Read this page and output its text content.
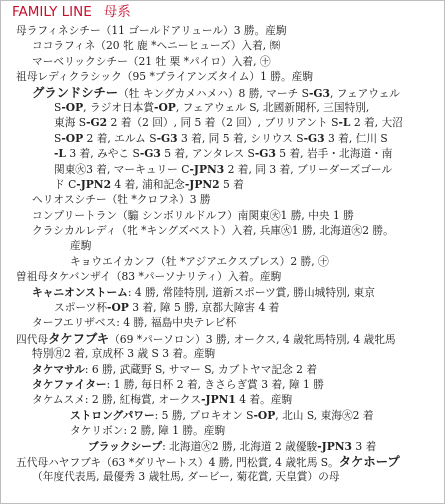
FAMILY LINE 母系
母ラフィネシチー（11 ゴールドアリュール）3 勝。産駒
ココラフィネ（20 牝 鹿 *ヘニーヒューズ）入着, ㉀
マーベリックシチー（21 牡 栗 *パイロ）入着, ㊉
祖母レディクラシック（95 *ブライアンズタイム）1 勝。産駒
グランドシチー（牡 キングカメハメハ）8 勝, マーチ S-G3, フェアウェル
S-OP, ラジオ日本賞-OP, フェアウェル S, 北國新聞杯, 三国特別,
東海 S-G2 2 着（2 回）, 同 5 着（2 回）, ブリリアント S-L 2 着, 大沼
S-OP 2 着, エルム S-G3 3 着, 同 5 着, シリウス S-G3 3 着, 仁川 S
-L 3 着, みやこ S-G3 5 着, アンタレス S-G3 5 着, 岩手・北海道・南
関東㊋3 着, マーキュリー C-JPN3 2 着, 同 3 着, ブリーダーズゴール
ド C-JPN2 4 着, 浦和記念-JPN2 5 着
ヘリオスシチー（牡 *クロフネ）3 勝
コンプリートラン（騸 シンボリルドルフ）南関東㊋1 勝, 中央 1 勝
クラシカルレディ（牝 *キングズベスト）入着, 兵庫㊋1 勝, 北海道㊋2 勝。
産駒
キョウエイカンフ（牡 *アジアエクスプレス）2 勝, ㊉
曽祖母タケバンザイ（83 *パーソナリティ）入着。産駒
キャニオンストーム: 4 勝, 常陸特別, 道新スポーツ賞, 勝山城特別, 東京
スポーツ杯-OP 3 着, 障 5 勝, 京都大障害 4 着
ターフエリザベス: 4 勝, 福島中央テレビ杯
四代母タケフブキ（69 *パーソロン）3 勝, オークス, 4 歳牝馬特別, 4 歳牝馬
特別㊊2 着, 京成杯 3 歳 S 3 着。産駒
タケマサル: 6 勝, 武蔵野 S, サマー S, カブトヤマ記念 2 着
タケファイター: 1 勝, 毎日杯 2 着, きさらぎ賞 3 着, 障 1 勝
タケムスメ: 2 勝, 紅梅賞, オークス-JPN1 4 着。産駒
ストロングパワー: 5 勝, プロキオン S-OP, 北山 S, 東海㊋2 着
タケリボン: 2 勝, 障 1 勝。産駒
ブラックシープ: 北海道㊋2 勝, 北海道 2 歳優駿-JPN3 3 着
五代母ハヤフブキ（63 *ダリヤートス）4 勝, 門松賞, 4 歳牝馬 S。タケホープ
（年度代表馬, 最優秀 3 歳牡馬, ダービー, 菊花賞, 天皇賞）の母
